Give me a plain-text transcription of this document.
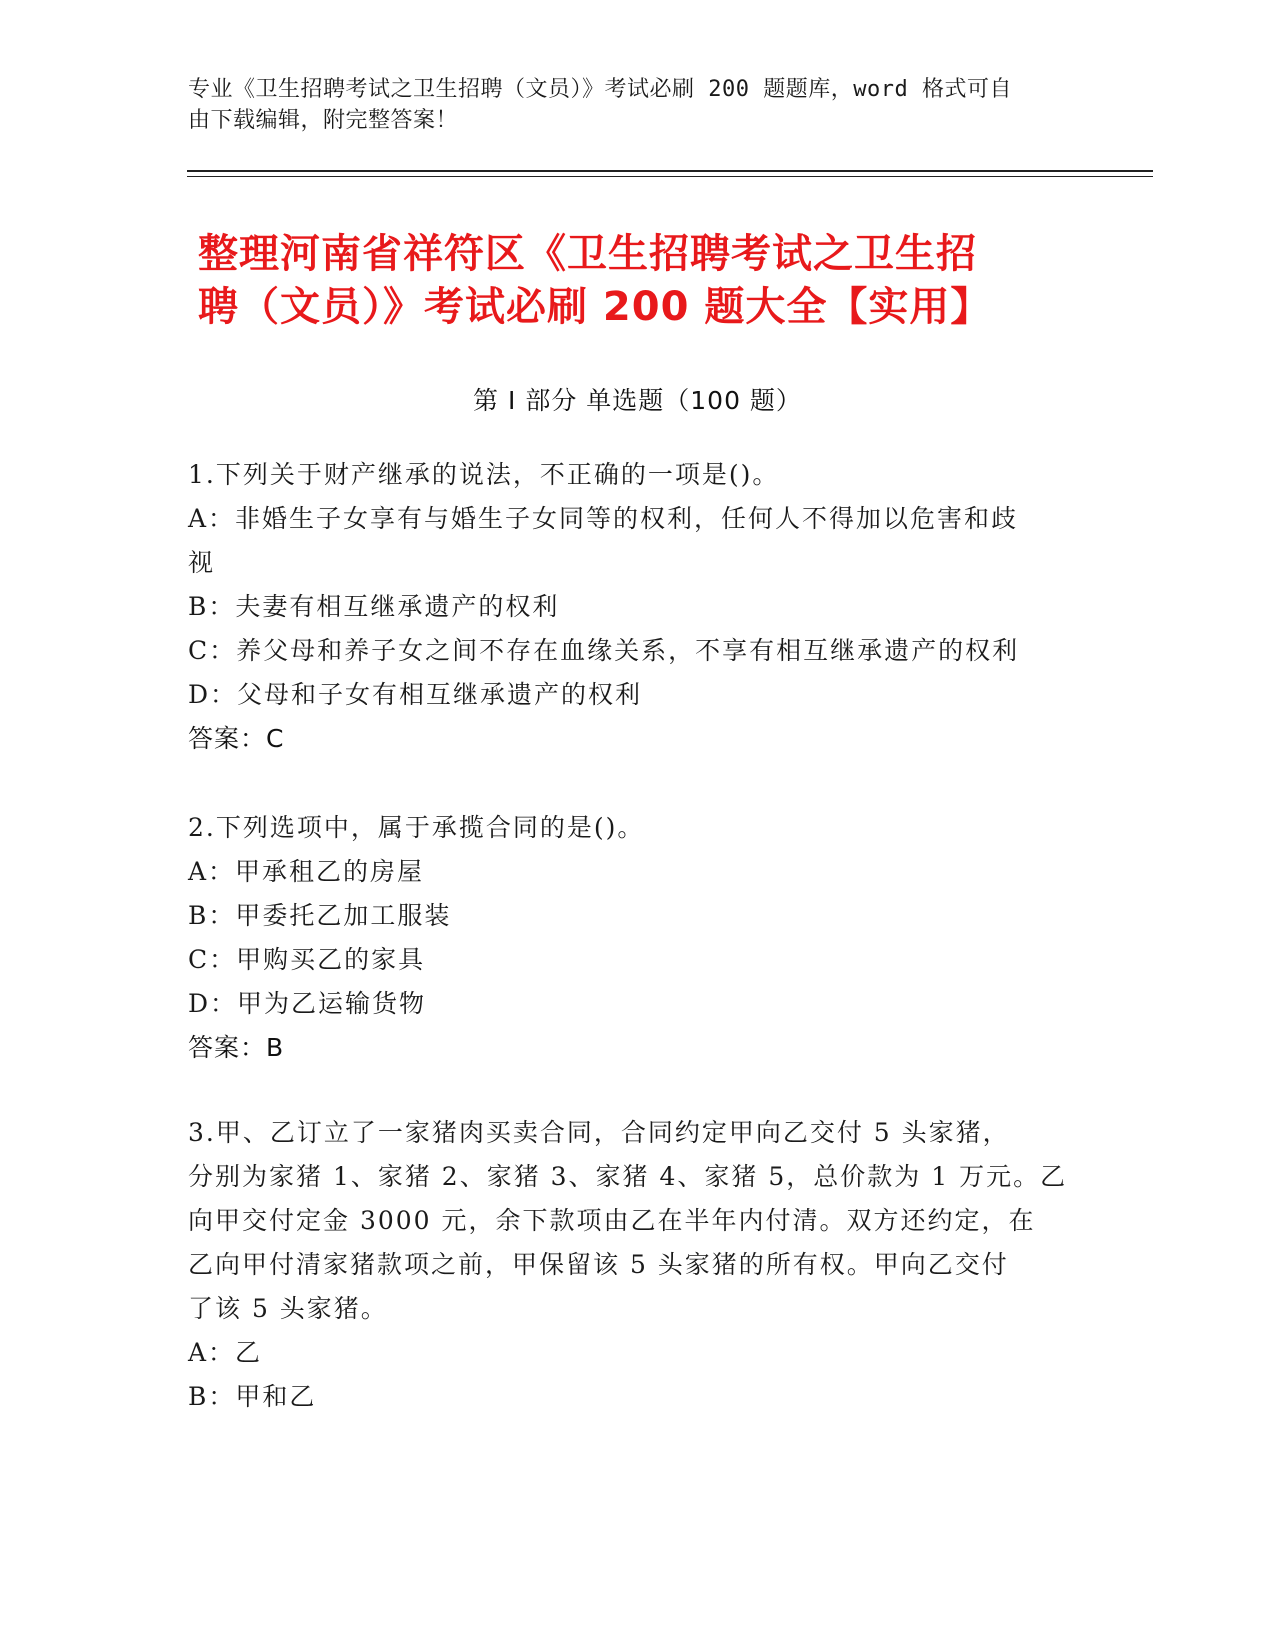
专业《卫生招聘考试之卫生招聘（文员）》考试必刷 200 题题库，word 格式可自
由下载编辑，附完整答案！
整理河南省祥符区《卫生招聘考试之卫生招
聘（文员）》考试必刷 200 题大全【实用】
第 I 部分 单选题（100 题）
1.下列关于财产继承的说法，不正确的一项是()。
A：非婚生子女享有与婚生子女同等的权利，任何人不得加以危害和歧
视
B：夫妻有相互继承遗产的权利
C：养父母和养子女之间不存在血缘关系，不享有相互继承遗产的权利
D：父母和子女有相互继承遗产的权利
答案：C
2.下列选项中，属于承揽合同的是()。
A：甲承租乙的房屋
B：甲委托乙加工服装
C：甲购买乙的家具
D：甲为乙运输货物
答案：B
3.甲、乙订立了一家猪肉买卖合同，合同约定甲向乙交付 5 头家猪，
分别为家猪 1、家猪 2、家猪 3、家猪 4、家猪 5，总价款为 1 万元。乙
向甲交付定金 3000 元，余下款项由乙在半年内付清。双方还约定，在
乙向甲付清家猪款项之前，甲保留该 5 头家猪的所有权。甲向乙交付
了该 5 头家猪。
A：乙
B：甲和乙
